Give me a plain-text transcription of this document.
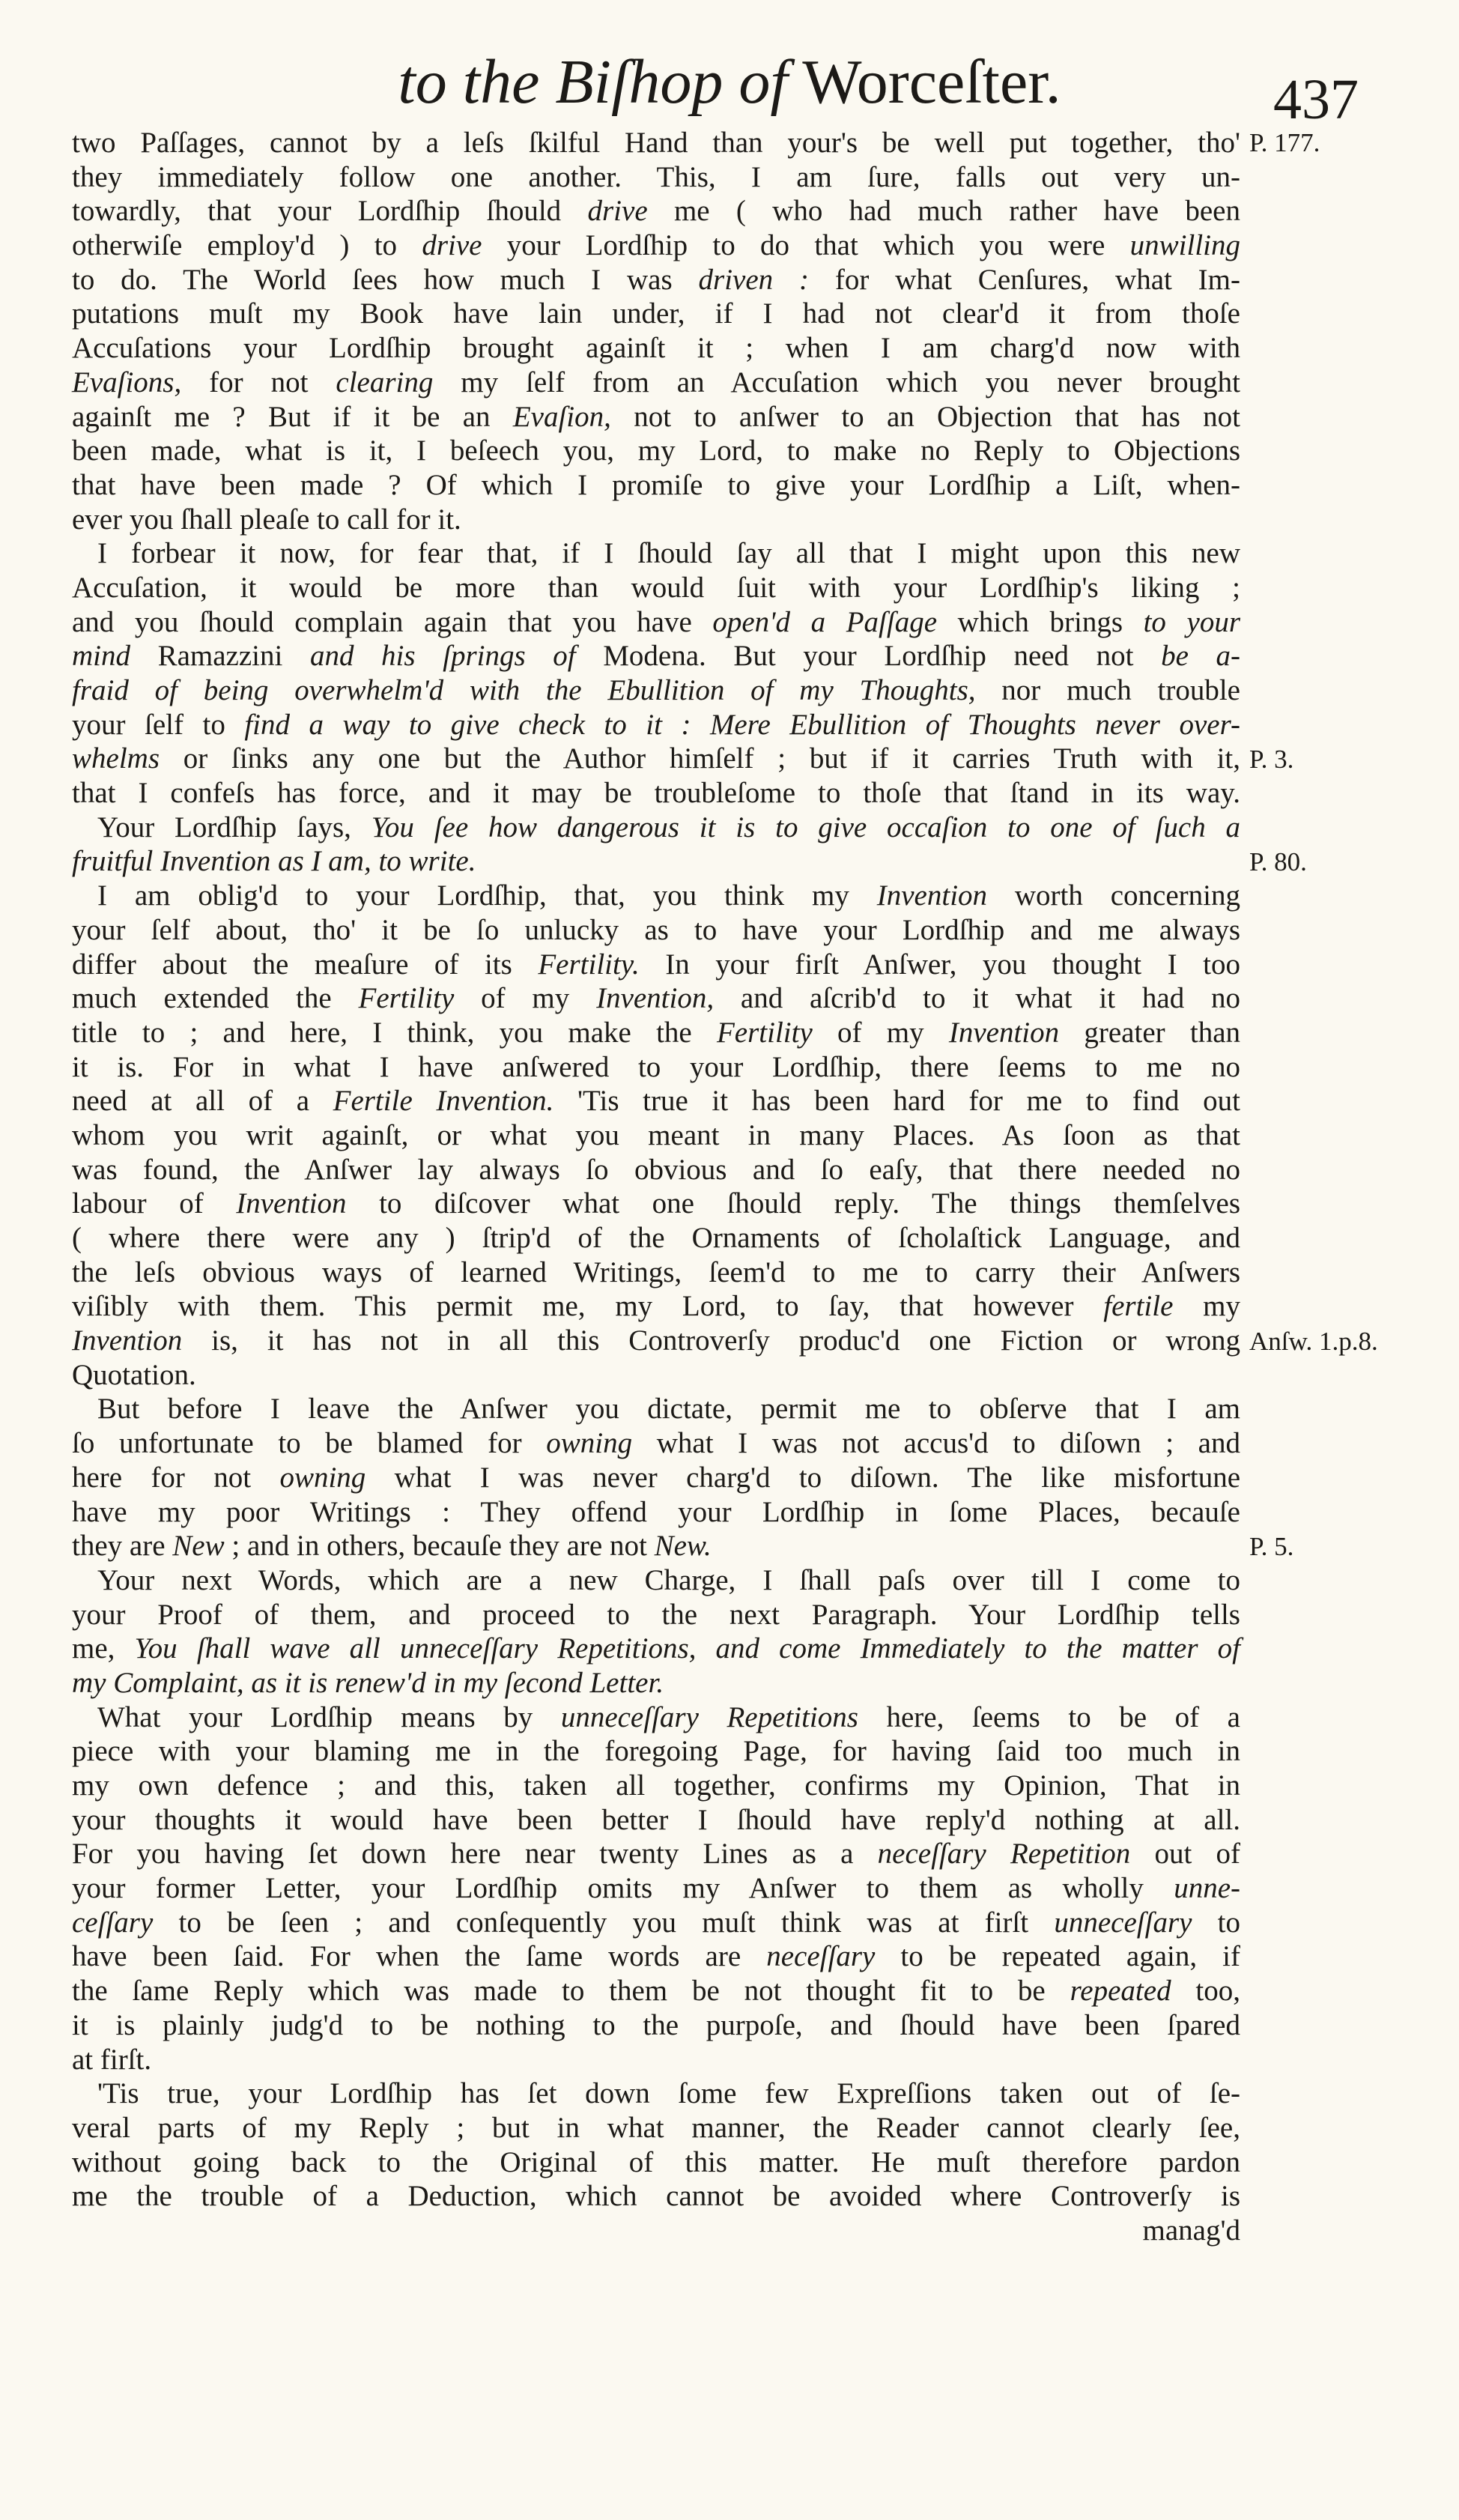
to the Biſhop of Worceſter.	437
two Paſſages, cannot by a leſs ſkilful Hand than your's be well put together, tho'
they immediately follow one another. This, I am ſure, falls out very un-
towardly, that your Lordſhip ſhould drive me ( who had much rather have been
otherwiſe employ'd ) to drive your Lordſhip to do that which you were unwilling
to do. The World ſees how much I was driven : for what Cenſures, what Im-
putations muſt my Book have lain under, if I had not clear'd it from thoſe
Accuſations your Lordſhip brought againſt it ; when I am charg'd now with
Evaſions, for not clearing my ſelf from an Accuſation which you never brought
againſt me ? But if it be an Evaſion, not to anſwer to an Objection that has not
been made, what is it, I beſeech you, my Lord, to make no Reply to Objections
that have been made ? Of which I promiſe to give your Lordſhip a Liſt, when-
ever you ſhall pleaſe to call for it.
I forbear it now, for fear that, if I ſhould ſay all that I might upon this new
Accuſation, it would be more than would ſuit with your Lordſhip's liking ;
and you ſhould complain again that you have open'd a Paſſage which brings to your
mind Ramazzini and his ſprings of Modena. But your Lordſhip need not be a-
fraid of being overwhelm'd with the Ebullition of my Thoughts, nor much trouble
your ſelf to find a way to give check to it : Mere Ebullition of Thoughts never over-
whelms or ſinks any one but the Author himſelf ; but if it carries Truth with it,
that I confeſs has force, and it may be troubleſome to thoſe that ſtand in its way.
Your Lordſhip ſays, You ſee how dangerous it is to give occaſion to one of ſuch a
fruitful Invention as I am, to write.
I am oblig'd to your Lordſhip, that, you think my Invention worth concerning
your ſelf about, tho' it be ſo unlucky as to have your Lordſhip and me always
differ about the meaſure of its Fertility. In your firſt Anſwer, you thought I too
much extended the Fertility of my Invention, and aſcrib'd to it what it had no
title to ; and here, I think, you make the Fertility of my Invention greater than
it is. For in what I have anſwered to your Lordſhip, there ſeems to me no
need at all of a Fertile Invention. 'Tis true it has been hard for me to find out
whom you writ againſt, or what you meant in many Places. As ſoon as that
was found, the Anſwer lay always ſo obvious and ſo eaſy, that there needed no
labour of Invention to diſcover what one ſhould reply. The things themſelves
( where there were any ) ſtrip'd of the Ornaments of ſcholaſtick Language, and
the leſs obvious ways of learned Writings, ſeem'd to me to carry their Anſwers
viſibly with them. This permit me, my Lord, to ſay, that however fertile my
Invention is, it has not in all this Controverſy produc'd one Fiction or wrong
Quotation.
But before I leave the Anſwer you dictate, permit me to obſerve that I am
ſo unfortunate to be blamed for owning what I was not accus'd to diſown ; and
here for not owning what I was never charg'd to diſown. The like misfortune
have my poor Writings : They offend your Lordſhip in ſome Places, becauſe
they are New ; and in others, becauſe they are not New.
Your next Words, which are a new Charge, I ſhall paſs over till I come to
your Proof of them, and proceed to the next Paragraph. Your Lordſhip tells
me, You ſhall wave all unneceſſary Repetitions, and come Immediately to the matter of
my Complaint, as it is renew'd in my ſecond Letter.
What your Lordſhip means by unneceſſary Repetitions here, ſeems to be of a
piece with your blaming me in the foregoing Page, for having ſaid too much in
my own defence ; and this, taken all together, confirms my Opinion, That in
your thoughts it would have been better I ſhould have reply'd nothing at all.
For you having ſet down here near twenty Lines as a neceſſary Repetition out of
your former Letter, your Lordſhip omits my Anſwer to them as wholly unne-
ceſſary to be ſeen ; and conſequently you muſt think was at firſt unneceſſary to
have been ſaid. For when the ſame words are neceſſary to be repeated again, if
the ſame Reply which was made to them be not thought fit to be repeated too,
it is plainly judg'd to be nothing to the purpoſe, and ſhould have been ſpared
at firſt.
'Tis true, your Lordſhip has ſet down ſome few Expreſſions taken out of ſe-
veral parts of my Reply ; but in what manner, the Reader cannot clearly ſee,
without going back to the Original of this matter. He muſt therefore pardon
me the trouble of a Deduction, which cannot be avoided where Controverſy is
manag'd
P. 177.
P. 3.
P. 80.
Anſw. 1.p.8.
P. 5.
